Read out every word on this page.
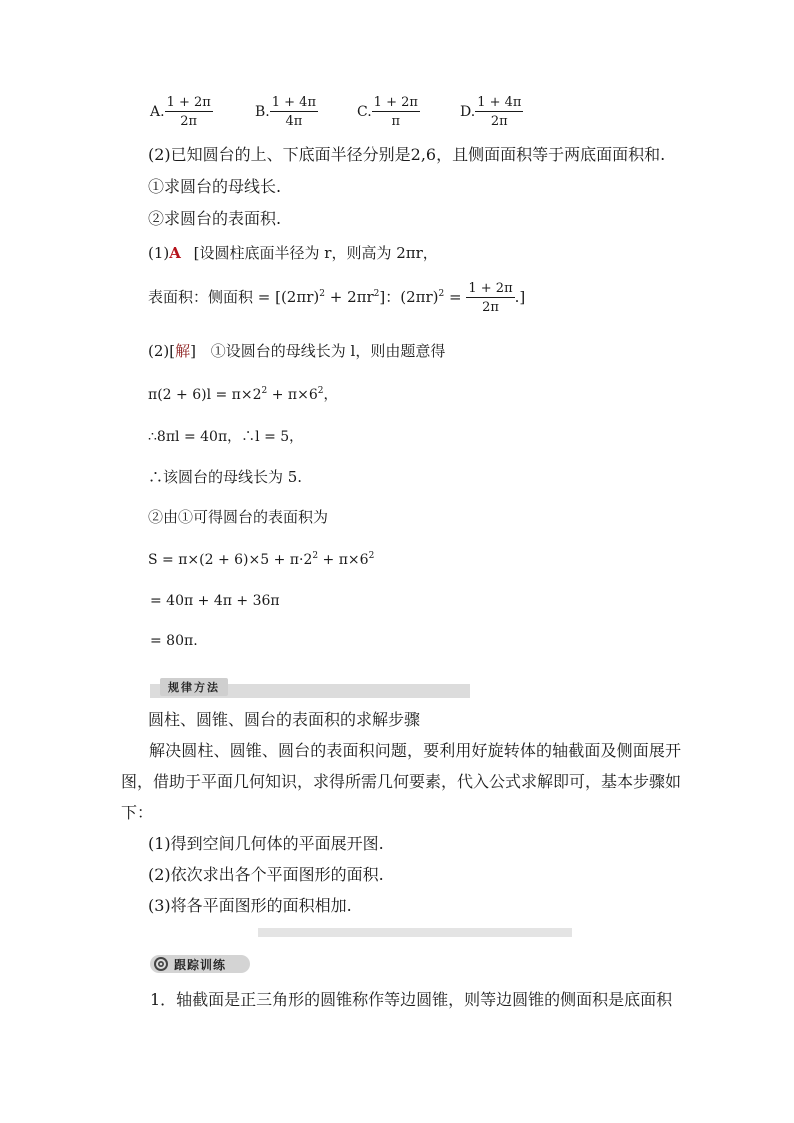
A. $\frac{1 + 2\pi}{2\pi}$	B. $\frac{1 + 4\pi}{4\pi}$	C. $\frac{1 + 2\pi}{\pi}$	D. $\frac{1 + 4\pi}{2\pi}$
(2)已知圆台的上、下底面半径分别是2,6，且侧面面积等于两底面面积和.
①求圆台的母线长.
②求圆台的表面积.
(1)A [设圆柱底面半径为 r，则高为 2πr，
表面积：侧面积 = $[(2\pi r)^2 + 2\pi r^2]$：$(2\pi r)^2 = \frac{1 + 2\pi}{2\pi}$ .]
(2)[解] ①设圆台的母线长为 l，则由题意得
$\pi(2 + 6)l = \pi\times 2^2 + \pi\times 6^2$，
∴8πl = 40π，∴l = 5，
∴该圆台的母线长为 5.
②由①可得圆台的表面积为
$S = \pi\times(2 + 6)\times 5 + \pi\cdot 2^2 + \pi\times 6^2$
= 40π + 4π + 36π
= 80π.
规律方法
圆柱、圆锥、圆台的表面积的求解步骤
解决圆柱、圆锥、圆台的表面积问题，要利用好旋转体的轴截面及侧面展开图，借助于平面几何知识，求得所需几何要素，代入公式求解即可，基本步骤如下：
(1)得到空间几何体的平面展开图.
(2)依次求出各个平面图形的面积.
(3)将各平面图形的面积相加.
跟踪训练
1．轴截面是正三角形的圆锥称作等边圆锥，则等边圆锥的侧面积是底面积
